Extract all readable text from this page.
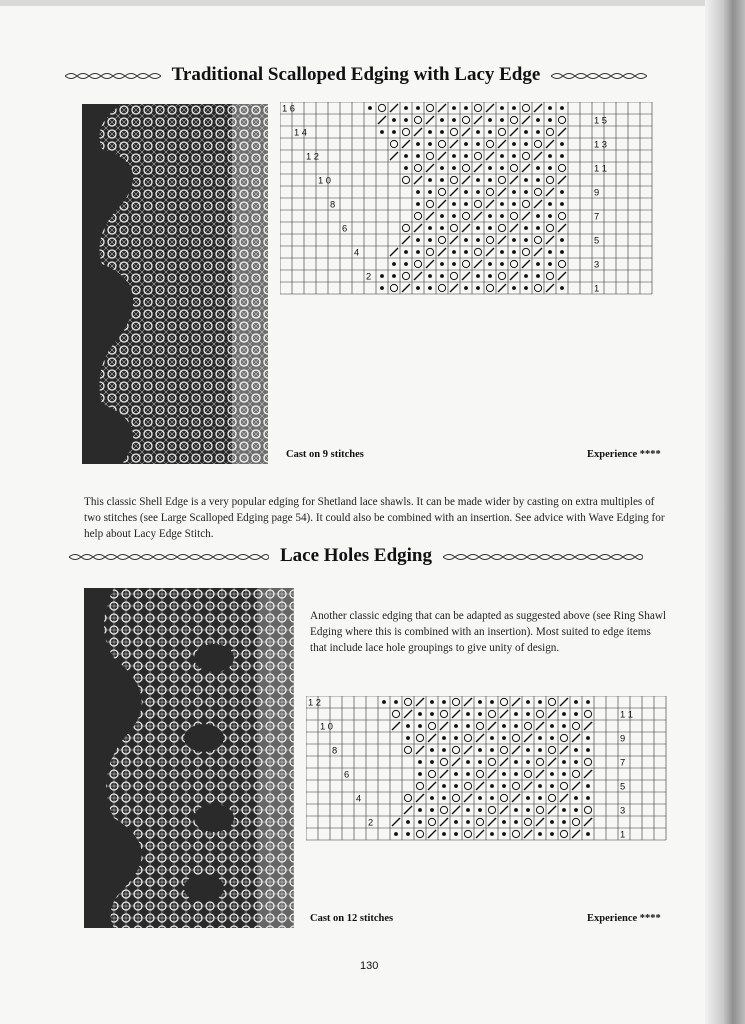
Traditional Scalloped Edging with Lacy Edge
1 6
1 4
1 2
1 0
8
6
4
2
1 5
1 3
1 1
9
7
5
3
1
Cast on 9 stitches	Experience ****

This classic Shell Edge is a very popular edging for Shetland lace shawls. It can be made wider by casting on extra multiples of two stitches (see Large Scalloped Edging page 54). It could also be combined with an insertion. See advice with Wave Edging for help about Lacy Edge Stitch.

Lace Holes Edging

Another classic edging that can be adapted as suggested above (see Ring Shawl Edging where this is combined with an insertion). Most suited to edge items that include lace hole groupings to give unity of design.

1 2
1 0
8
6
4
2
1 1
9
7
5
3
1
Cast on 12 stitches	Experience ****
130
